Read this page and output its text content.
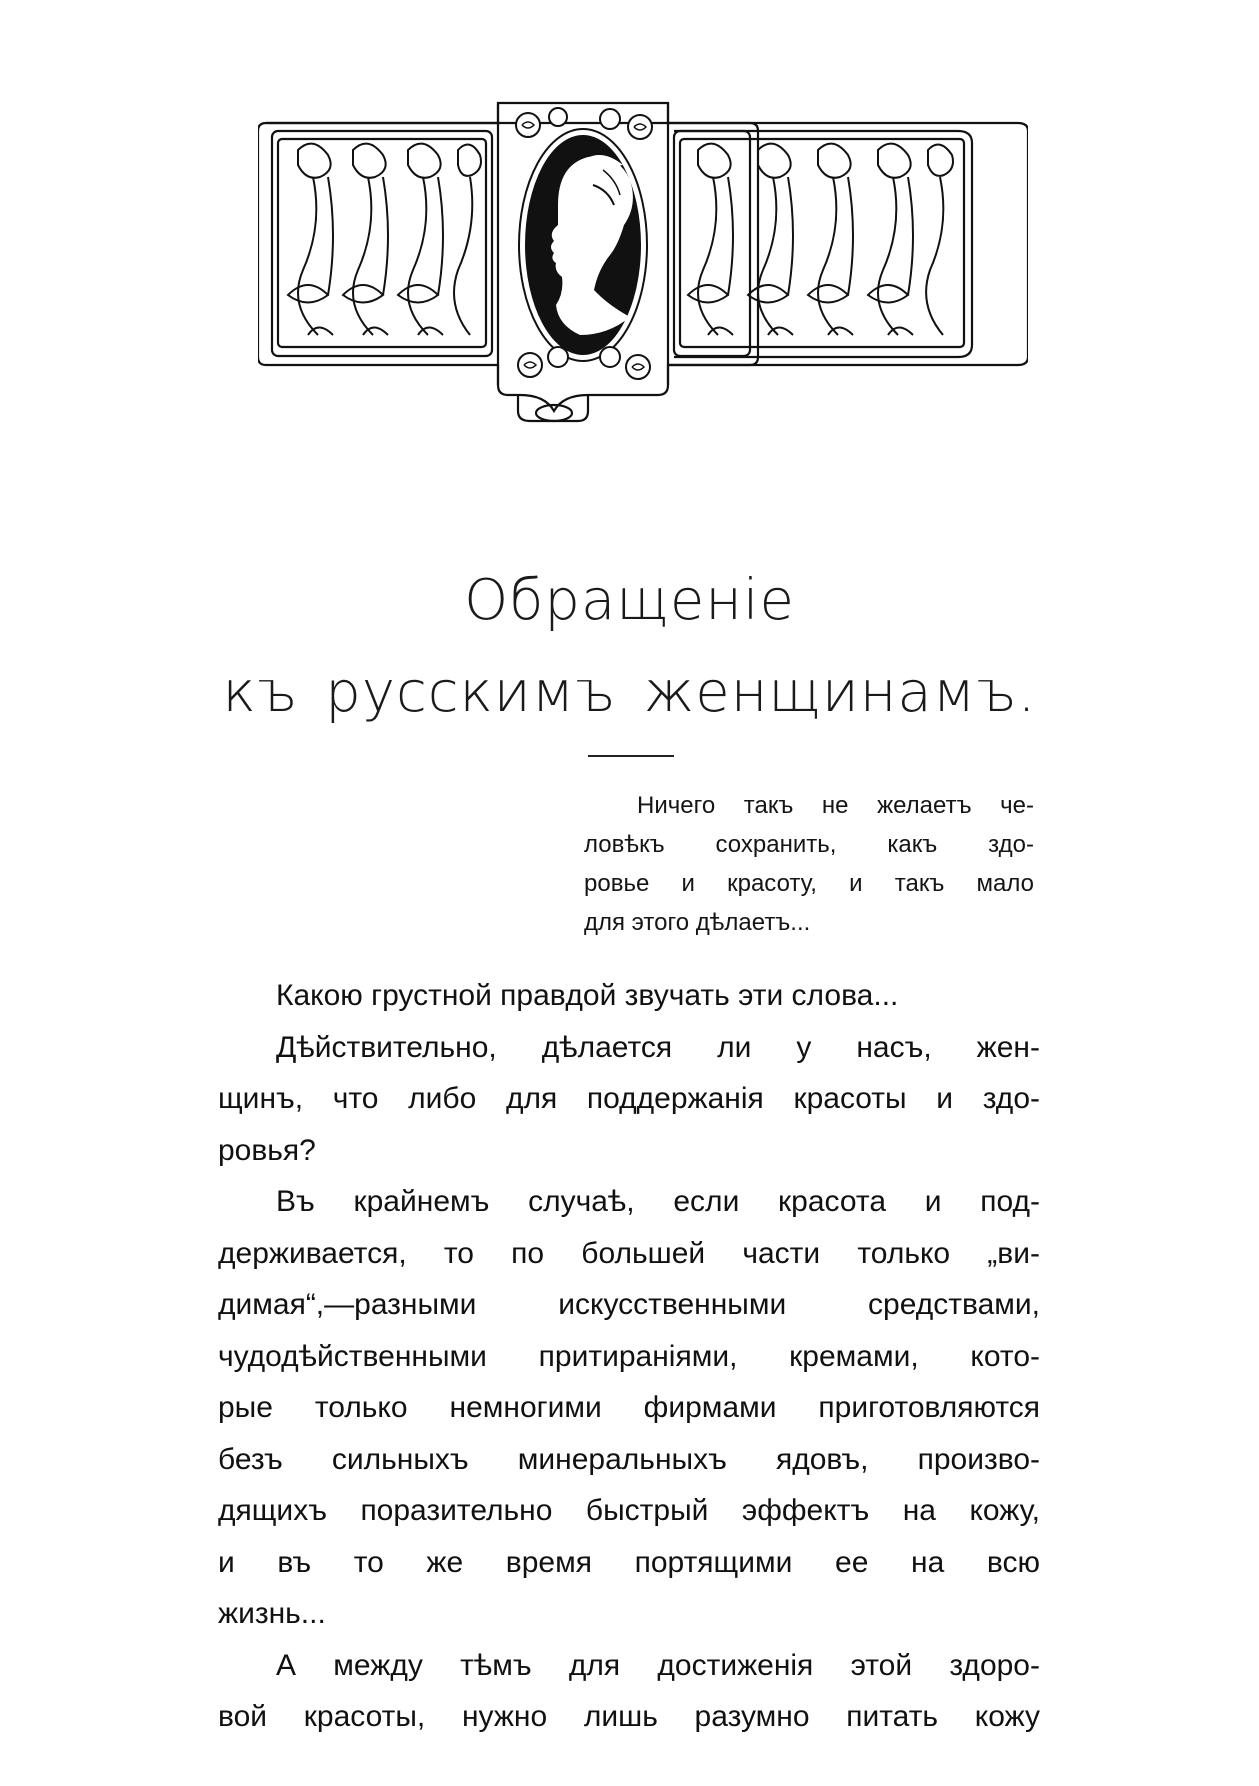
Обращеніе
къ русскимъ женщинамъ.
Ничего такъ не желаетъ че-
ловѣкъ сохранить, какъ здо-
ровье и красоту, и такъ мало
для этого дѣлаетъ...
Какою грустной правдой звучать эти слова...
Дѣйствительно, дѣлается ли у насъ, жен-
щинъ, что либо для поддержанія красоты и здо-
ровья?
Въ крайнемъ случаѣ, если красота и под-
держивается, то по большей части только „ви-
димая“,—разными искусственными средствами,
чудодѣйственными притираніями, кремами, кото-
рые только немногими фирмами приготовляются
безъ сильныхъ минеральныхъ ядовъ, произво-
дящихъ поразительно быстрый эффектъ на кожу,
и въ то же время портящими ее на всю
жизнь...
А между тѣмъ для достиженія этой здоро-
вой красоты, нужно лишь разумно питать кожу
